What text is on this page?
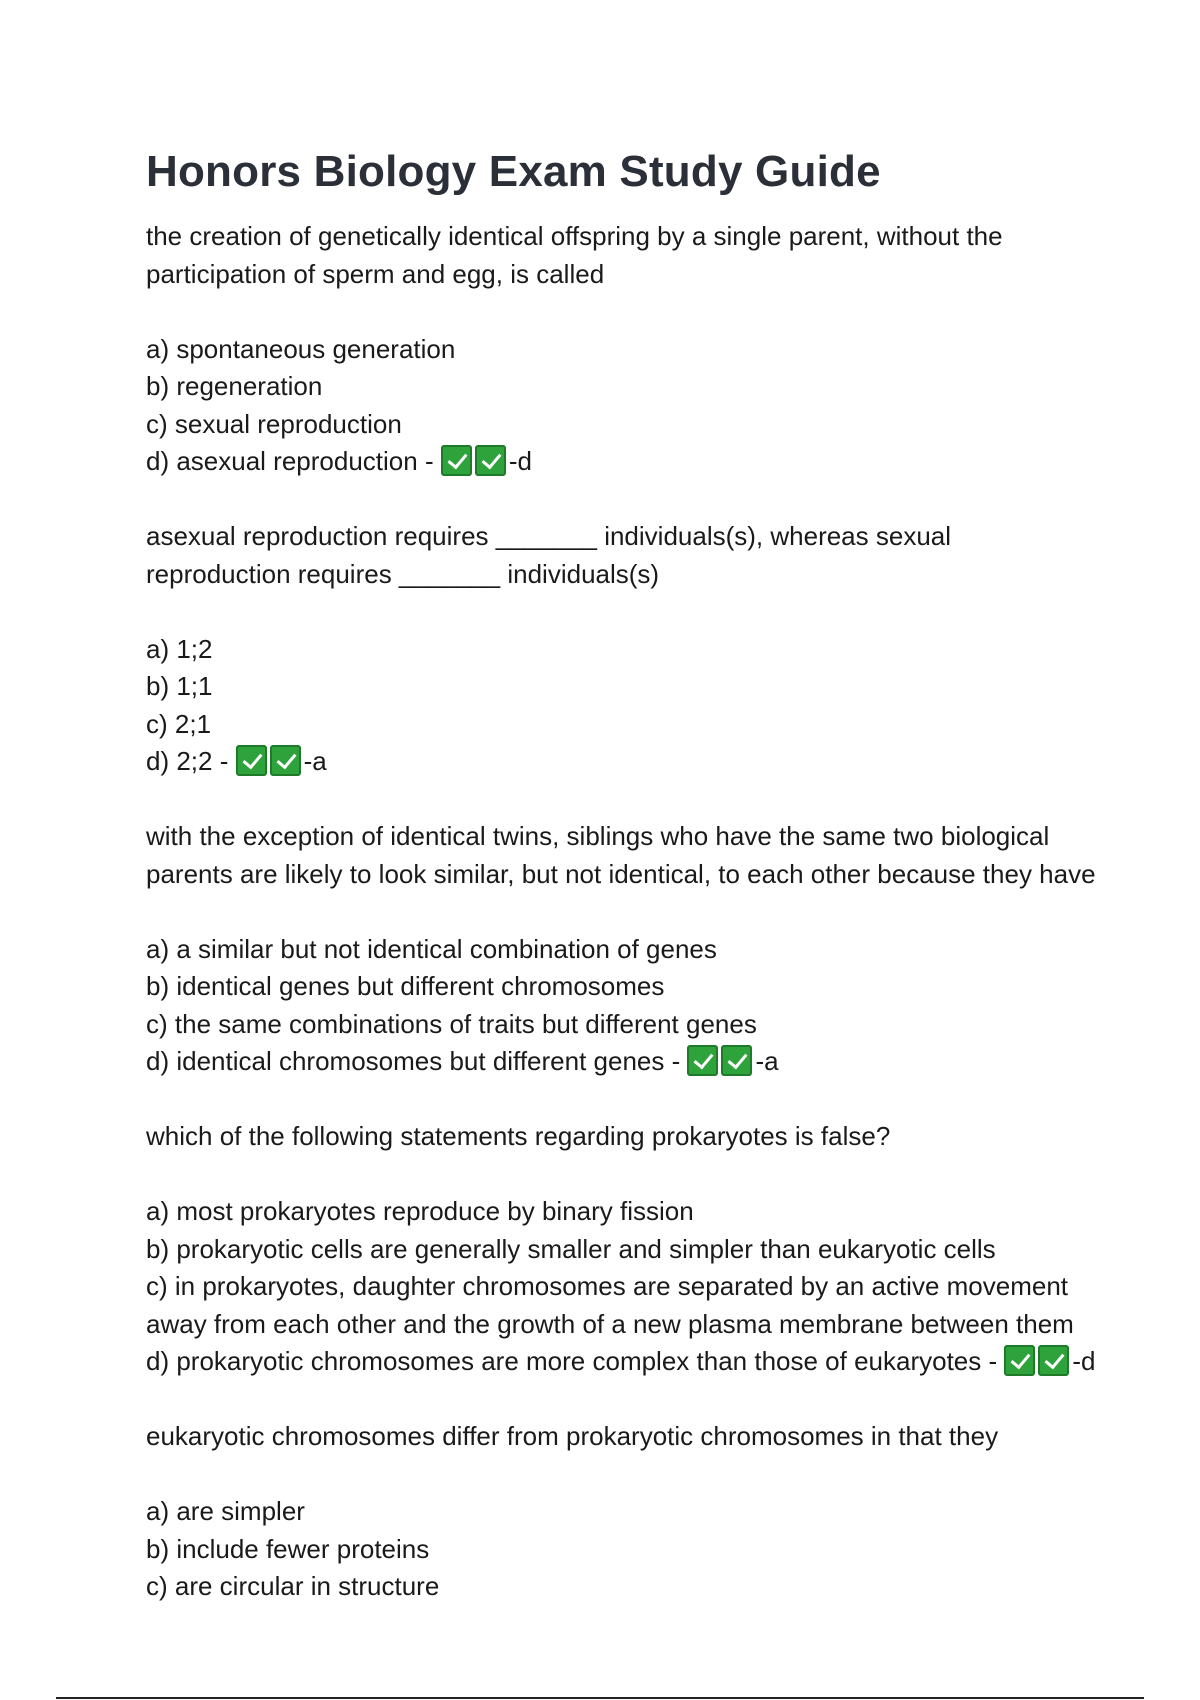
Honors Biology Exam Study Guide
the creation of genetically identical offspring by a single parent, without the participation of sperm and egg, is called
a) spontaneous generation
b) regeneration
c) sexual reproduction
d) asexual reproduction -	-d
asexual reproduction requires _______ individuals(s), whereas sexual reproduction requires _______ individuals(s)
a) 1;2
b) 1;1
c) 2;1
d) 2;2 -	-a
with the exception of identical twins, siblings who have the same two biological parents are likely to look similar, but not identical, to each other because they have
a) a similar but not identical combination of genes
b) identical genes but different chromosomes
c) the same combinations of traits but different genes
d) identical chromosomes but different genes -	-a
which of the following statements regarding prokaryotes is false?
a) most prokaryotes reproduce by binary fission
b) prokaryotic cells are generally smaller and simpler than eukaryotic cells
c) in prokaryotes, daughter chromosomes are separated by an active movement away from each other and the growth of a new plasma membrane between them
d) prokaryotic chromosomes are more complex than those of eukaryotes -	-d
eukaryotic chromosomes differ from prokaryotic chromosomes in that they
a) are simpler
b) include fewer proteins
c) are circular in structure
